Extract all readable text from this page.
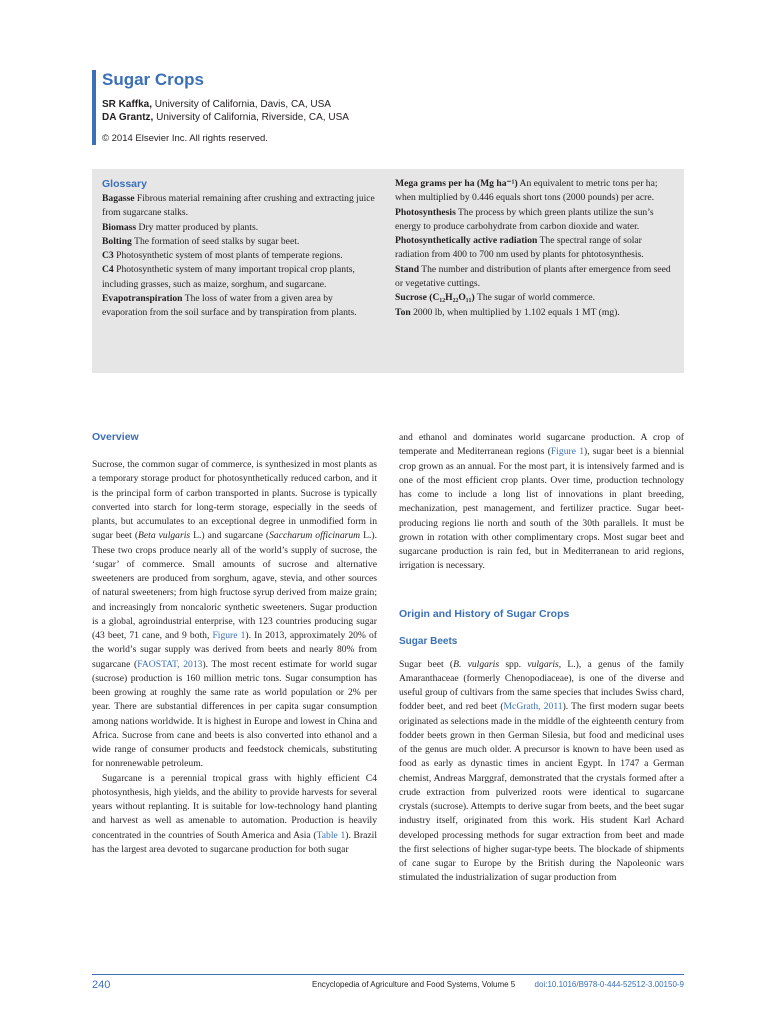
Sugar Crops
SR Kaffka, University of California, Davis, CA, USA
DA Grantz, University of California, Riverside, CA, USA
© 2014 Elsevier Inc. All rights reserved.
Glossary
Bagasse Fibrous material remaining after crushing and extracting juice from sugarcane stalks.
Biomass Dry matter produced by plants.
Bolting The formation of seed stalks by sugar beet.
C3 Photosynthetic system of most plants of temperate regions.
C4 Photosynthetic system of many important tropical crop plants, including grasses, such as maize, sorghum, and sugarcane.
Evapotranspiration The loss of water from a given area by evaporation from the soil surface and by transpiration from plants.
Mega grams per ha (Mg ha⁻¹) An equivalent to metric tons per ha; when multiplied by 0.446 equals short tons (2000 pounds) per acre.
Photosynthesis The process by which green plants utilize the sun’s energy to produce carbohydrate from carbon dioxide and water.
Photosynthetically active radiation The spectral range of solar radiation from 400 to 700 nm used by plants for phtotosynthesis.
Stand The number and distribution of plants after emergence from seed or vegetative cuttings.
Sucrose (C₁₂H₂₂O₁₁) The sugar of world commerce.
Ton 2000 lb, when multiplied by 1.102 equals 1 MT (mg).
Overview

Sucrose, the common sugar of commerce, is synthesized in most plants as a temporary storage product for photosynthetically reduced carbon, and it is the principal form of carbon transported in plants. Sucrose is typically converted into starch for long-term storage, especially in the seeds of plants, but accumulates to an exceptional degree in unmodified form in sugar beet (Beta vulgaris L.) and sugarcane (Saccharum officinarum L.). These two crops produce nearly all of the world’s supply of sucrose, the ‘sugar’ of commerce. Small amounts of sucrose and alternative sweeteners are produced from sorghum, agave, stevia, and other sources of natural sweeteners; from high fructose syrup derived from maize grain; and increasingly from noncaloric synthetic sweeteners. Sugar production is a global, agroindustrial enterprise, with 123 countries producing sugar (43 beet, 71 cane, and 9 both, Figure 1). In 2013, approximately 20% of the world’s sugar supply was derived from beets and nearly 80% from sugarcane (FAOSTAT, 2013). The most recent estimate for world sugar (sucrose) production is 160 million metric tons. Sugar consumption has been growing at roughly the same rate as world population or 2% per year. There are substantial differences in per capita sugar consumption among nations worldwide. It is highest in Europe and lowest in China and Africa. Sucrose from cane and beets is also converted into ethanol and a wide range of consumer products and feedstock chemicals, substituting for nonrenewable petroleum.

Sugarcane is a perennial tropical grass with highly efficient C4 photosynthesis, high yields, and the ability to provide harvests for several years without replanting. It is suitable for low-technology hand planting and harvest as well as amenable to automation. Production is heavily concentrated in the countries of South America and Asia (Table 1). Brazil has the largest area devoted to sugarcane production for both sugar

and ethanol and dominates world sugarcane production. A crop of temperate and Mediterranean regions (Figure 1), sugar beet is a biennial crop grown as an annual. For the most part, it is intensively farmed and is one of the most efficient crop plants. Over time, production technology has come to include a long list of innovations in plant breeding, mechanization, pest management, and fertilizer practice. Sugar beet-producing regions lie north and south of the 30th parallels. It must be grown in rotation with other complimentary crops. Most sugar beet and sugarcane production is rain fed, but in Mediterranean to arid regions, irrigation is necessary.

Origin and History of Sugar Crops
Sugar Beets

Sugar beet (B. vulgaris spp. vulgaris, L.), a genus of the family Amaranthaceae (formerly Chenopodiaceae), is one of the diverse and useful group of cultivars from the same species that includes Swiss chard, fodder beet, and red beet (McGrath, 2011). The first modern sugar beets originated as selections made in the middle of the eighteenth century from fodder beets grown in then German Silesia, but food and medicinal uses of the genus are much older. A precursor is known to have been used as food as early as dynastic times in ancient Egypt. In 1747 a German chemist, Andreas Marggraf, demonstrated that the crystals formed after a crude extraction from pulverized roots were identical to sugarcane crystals (sucrose). Attempts to derive sugar from beets, and the beet sugar industry itself, originated from this work. His student Karl Achard developed processing methods for sugar extraction from beet and made the first selections of higher sugar-type beets. The blockade of shipments of cane sugar to Europe by the British during the Napoleonic wars stimulated the industrialization of sugar production from

240	Encyclopedia of Agriculture and Food Systems, Volume 5 doi:10.1016/B978-0-444-52512-3.00150-9
